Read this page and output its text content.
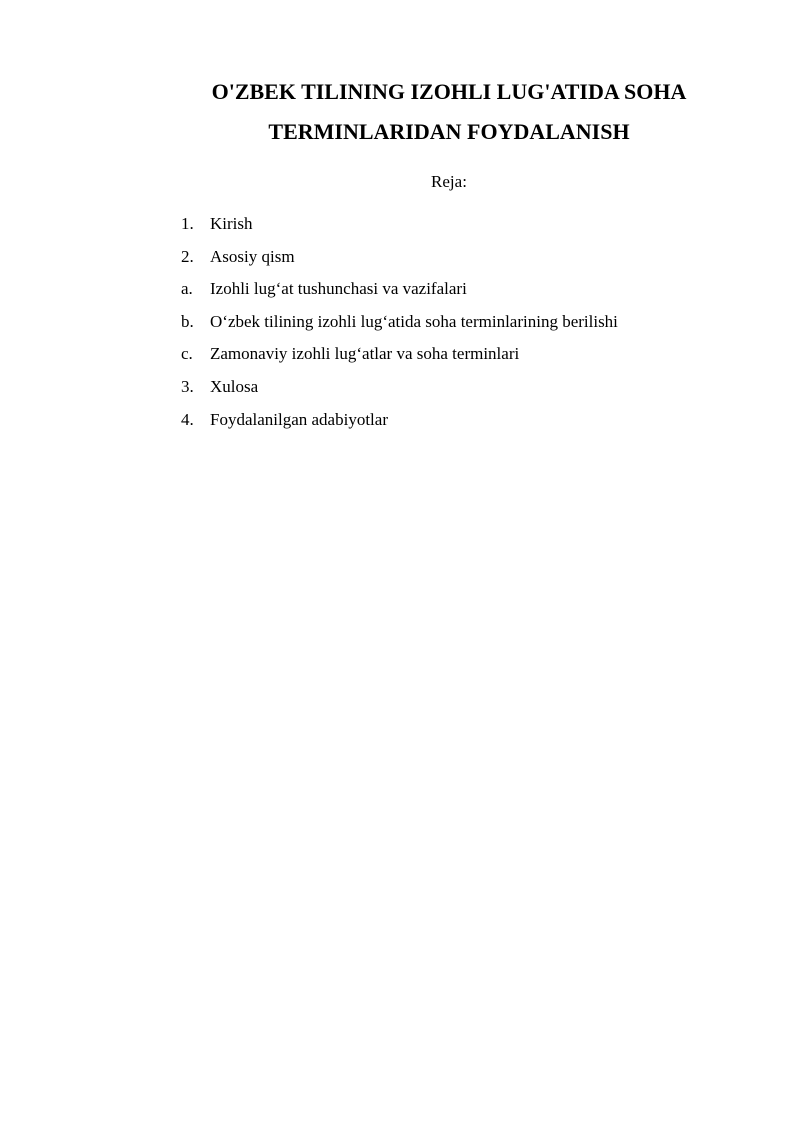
O'ZBEK TILINING IZOHLI LUG'ATIDA SOHA
TERMINLARIDAN FOYDALANISH

Reja:

1. Kirish
2. Asosiy qism
a.	Izohli lug‘at tushunchasi va vazifalari
b. O‘zbek tilining izohli lug‘atida soha terminlarining berilishi
c.	Zamonaviy izohli lug‘atlar va soha terminlari
3. Xulosa
4. Foydalanilgan adabiyotlar
